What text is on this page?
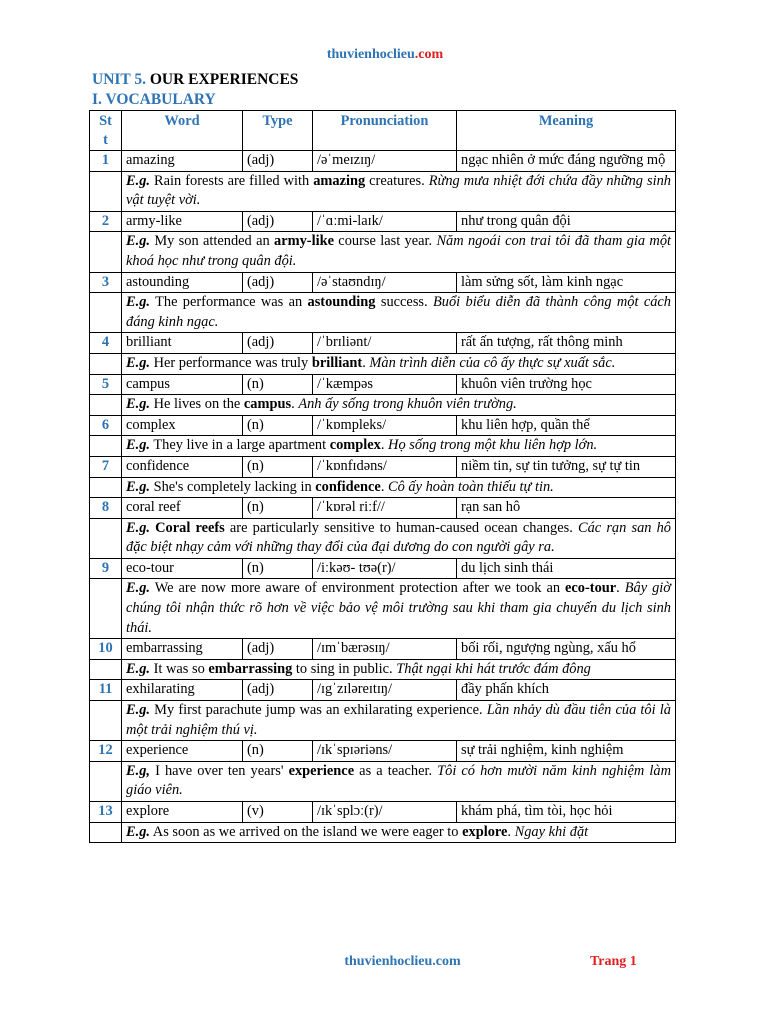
thuvienhoclieu.com
UNIT 5. OUR EXPERIENCES
I. VOCABULARY
St
t	Word	Type	Pronunciation	Meaning
1	amazing	(adj)	/əˈmeɪzɪŋ/	ngạc nhiên ở mức đáng ngưỡng mộ
	E.g. Rain forests are filled with amazing creatures. Rừng mưa nhiệt đới chứa đầy những sinh vật tuyệt vời.			
2	army-like	(adj)	/ˈɑːmi-laɪk/	như trong quân đội
	E.g. My son attended an army-like course last year. Năm ngoái con trai tôi đã tham gia một khoá học như trong quân đội.			
3	astounding	(adj)	/əˈstaʊndɪŋ/	làm sửng sốt, làm kinh ngạc
	E.g. The performance was an astounding success. Buổi biểu diễn đã thành công một cách đáng kinh ngạc.			
4	brilliant	(adj)	/ˈbrɪliənt/	rất ấn tượng, rất thông minh
	E.g. Her performance was truly brilliant. Màn trình diễn của cô ấy thực sự xuất sắc.			
5	campus	(n)	/ˈkæmpəs	khuôn viên trường học
	E.g. He lives on the campus. Anh ấy sống trong khuôn viên trường.			
6	complex	(n)	/ˈkɒmpleks/	khu liên hợp, quần thể
	E.g. They live in a large apartment complex. Họ sống trong một khu liên hợp lớn.			
7	confidence	(n)	/ˈkɒnfɪdəns/	niềm tin, sự tin tưởng, sự tự tin
	E.g. She's completely lacking in confidence. Cô ấy hoàn toàn thiếu tự tin.			
8	coral reef	(n)	/ˈkɒrəl riːf//	rạn san hô
	E.g. Coral reefs are particularly sensitive to human-caused ocean changes. Các rạn san hô đặc biệt nhạy cảm với những thay đổi của đại dương do con người gây ra.			
9	eco-tour	(n)	/iːkəʊ- tʊə(r)/	du lịch sinh thái
	E.g. We are now more aware of environment protection after we took an eco-tour. Bây giờ chúng tôi nhận thức rõ hơn về việc bảo vệ môi trường sau khi tham gia chuyến du lịch sinh thái.			
10	embarrassing	(adj)	/ɪmˈbærəsɪŋ/	bối rối, ngượng ngùng, xấu hổ
	E.g. It was so embarrassing to sing in public. Thật ngại khi hát trước đám đông			
11	exhilarating	(adj)	/ɪgˈzɪləreɪtɪŋ/	đầy phấn khích
	E.g. My first parachute jump was an exhilarating experience. Lần nhảy dù đầu tiên của tôi là một trải nghiệm thú vị.			
12	experience	(n)	/ɪkˈspɪəriəns/	sự trải nghiệm, kinh nghiệm
	E.g, I have over ten years' experience as a teacher. Tôi có hơn mười năm kinh nghiệm làm giáo viên.			
13	explore	(v)	/ɪkˈsplɔː(r)/	khám phá, tìm tòi, học hỏi
	E.g. As soon as we arrived on the island we were eager to explore. Ngay khi đặt			
thuvienhoclieu.com	Trang 1
